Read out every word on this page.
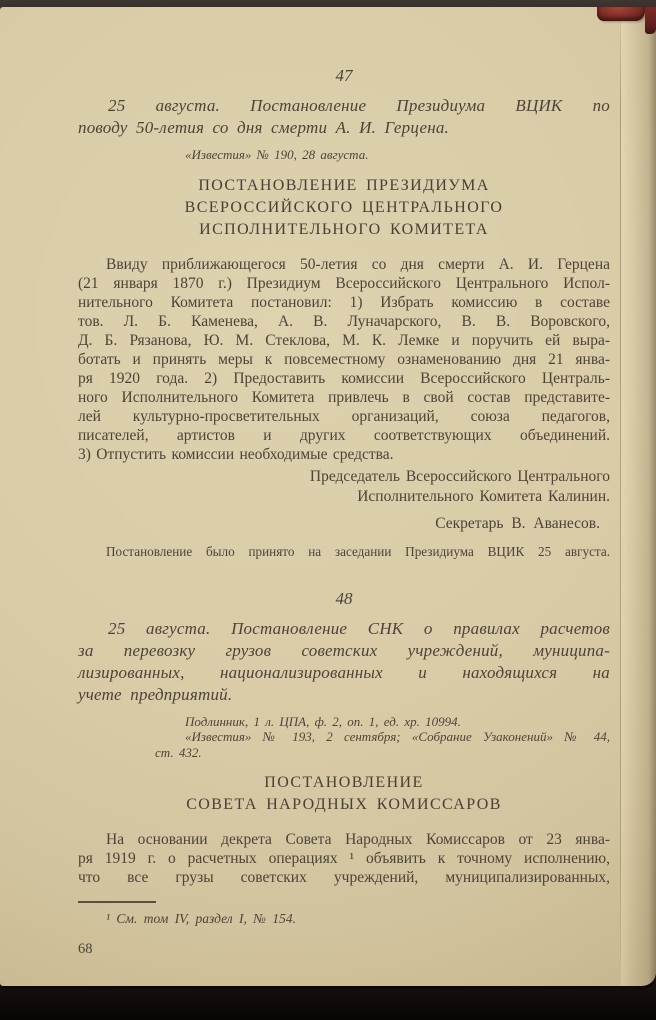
47
25 августа. Постановление Президиума ВЦИК по
поводу 50-летия со дня смерти А. И. Герцена.
«Известия» № 190, 28 августа.
ПОСТАНОВЛЕНИЕ ПРЕЗИДИУМА
ВСЕРОССИЙСКОГО ЦЕНТРАЛЬНОГО
ИСПОЛНИТЕЛЬНОГО КОМИТЕТА
Ввиду приближающегося 50-летия со дня смерти А. И. Герцена
(21 января 1870 г.) Президиум Всероссийского Центрального Испол-
нительного Комитета постановил: 1) Избрать комиссию в составе
тов. Л. Б. Каменева, А. В. Луначарского, В. В. Воровского,
Д. Б. Рязанова, Ю. М. Стеклова, М. К. Лемке и поручить ей выра-
ботать и принять меры к повсеместному ознаменованию дня 21 янва-
ря 1920 года. 2) Предоставить комиссии Всероссийского Централь-
ного Исполнительного Комитета привлечь в свой состав представите-
лей культурно-просветительных организаций, союза педагогов,
писателей, артистов и других соответствующих объединений.
3) Отпустить комиссии необходимые средства.
Председатель Всероссийского Центрального
Исполнительного Комитета Калинин.
Секретарь В. Аванесов.
Постановление было принято на заседании Президиума ВЦИК 25 августа.
48
25 августа. Постановление СНК о правилах расчетов
за перевозку грузов советских учреждений, муниципа-
лизированных, национализированных и находящихся на
учете предприятий.
Подлинник, 1 л. ЦПА, ф. 2, оп. 1, ед. хр. 10994.
«Известия» № 193, 2 сентября; «Собрание Узаконений» № 44,
ст. 432.
ПОСТАНОВЛЕНИЕ
СОВЕТА НАРОДНЫХ КОМИССАРОВ
На основании декрета Совета Народных Комиссаров от 23 янва-
ря 1919 г. о расчетных операциях ¹ объявить к точному исполнению,
что все грузы советских учреждений, муниципализированных,
¹ См. том IV, раздел I, № 154.
68
